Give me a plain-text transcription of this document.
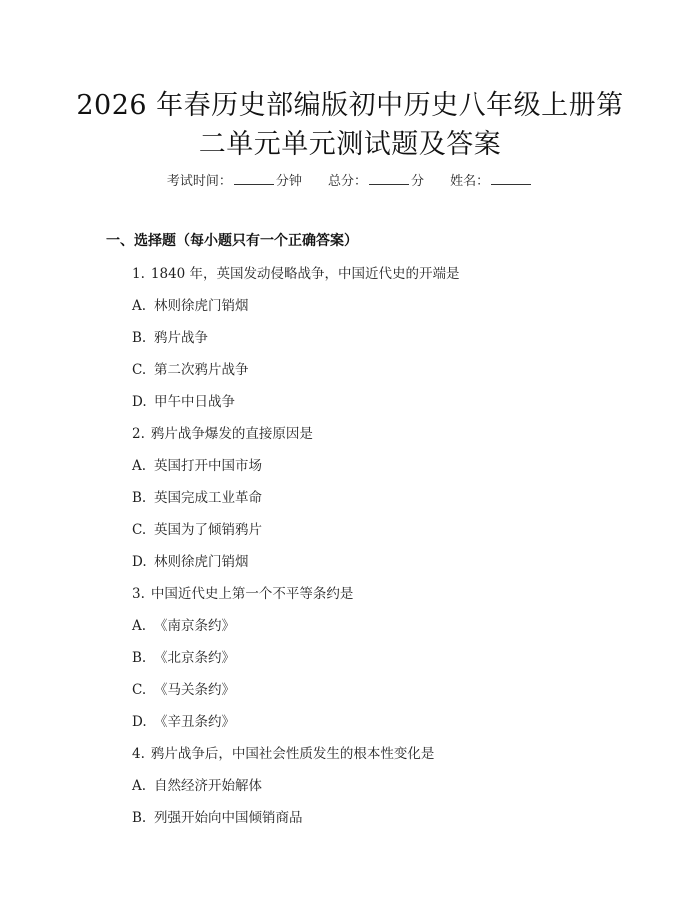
2026 年春历史部编版初中历史八年级上册第
二单元单元测试题及答案
考试时间：	分钟 总分：	分 姓名：
一、选择题（每小题只有一个正确答案）
1. 1840 年，英国发动侵略战争，中国近代史的开端是
A. 林则徐虎门销烟
B. 鸦片战争
C. 第二次鸦片战争
D. 甲午中日战争
2. 鸦片战争爆发的直接原因是
A. 英国打开中国市场
B. 英国完成工业革命
C. 英国为了倾销鸦片
D. 林则徐虎门销烟
3. 中国近代史上第一个不平等条约是
A. 《南京条约》
B. 《北京条约》
C. 《马关条约》
D. 《辛丑条约》
4. 鸦片战争后，中国社会性质发生的根本性变化是
A. 自然经济开始解体
B. 列强开始向中国倾销商品
